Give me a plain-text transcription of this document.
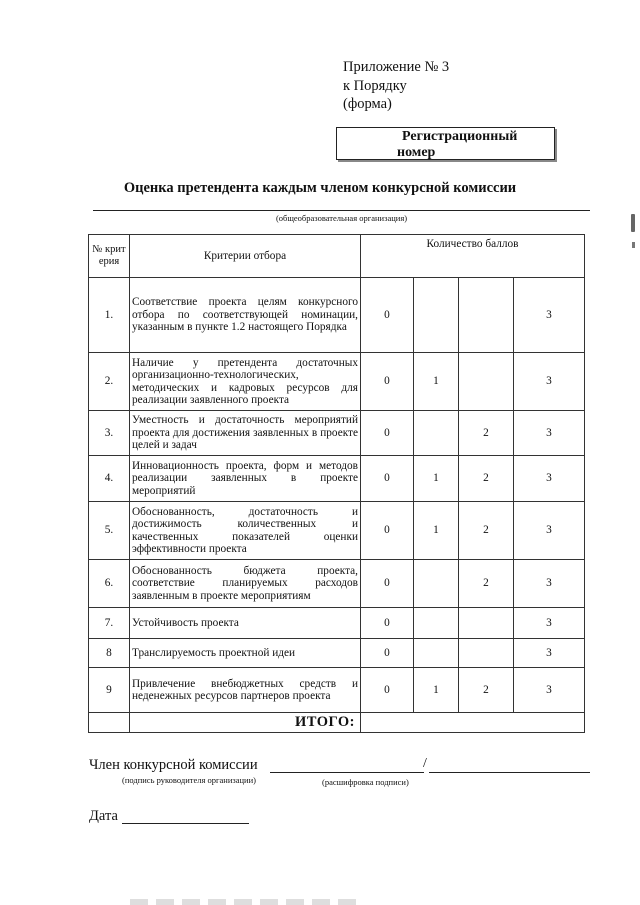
Приложение № 3
к Порядку
(форма)
Регистрационный
номер
Оценка претендента каждым членом конкурсной комиссии
(общеобразовательная организация)
№ крит ерия	Критерии отбора	Количество баллов			
1.	Соответствие проекта целям конкурсного отбора по соответствующей номинации, указанным в пункте 1.2 настоящего Порядка	0			3
2.	Наличие у претендента достаточных организационно-технологических, методических и кадровых ресурсов для реализации заявленного проекта	0	1		3
3.	Уместность и достаточность мероприятий проекта для достижения заявленных в проекте целей и задач	0		2	3
4.	Инновационность проекта, форм и методов реализации заявленных в проекте мероприятий	0	1	2	3
5.	Обоснованность, достаточность и достижимость количественных и качественных показателей оценки эффективности проекта	0	1	2	3
6.	Обоснованность бюджета проекта, соответствие планируемых расходов заявленным в проекте мероприятиям	0		2	3
7.	Устойчивость проекта	0			3
8	Транслируемость проектной идеи	0			3
9	Привлечение внебюджетных средств и неденежных ресурсов партнеров проекта	0	1	2	3
	ИТОГО:				
Член конкурсной комиссии	/
(подпись руководителя организации)	(расшифровка подписи)
Дата
